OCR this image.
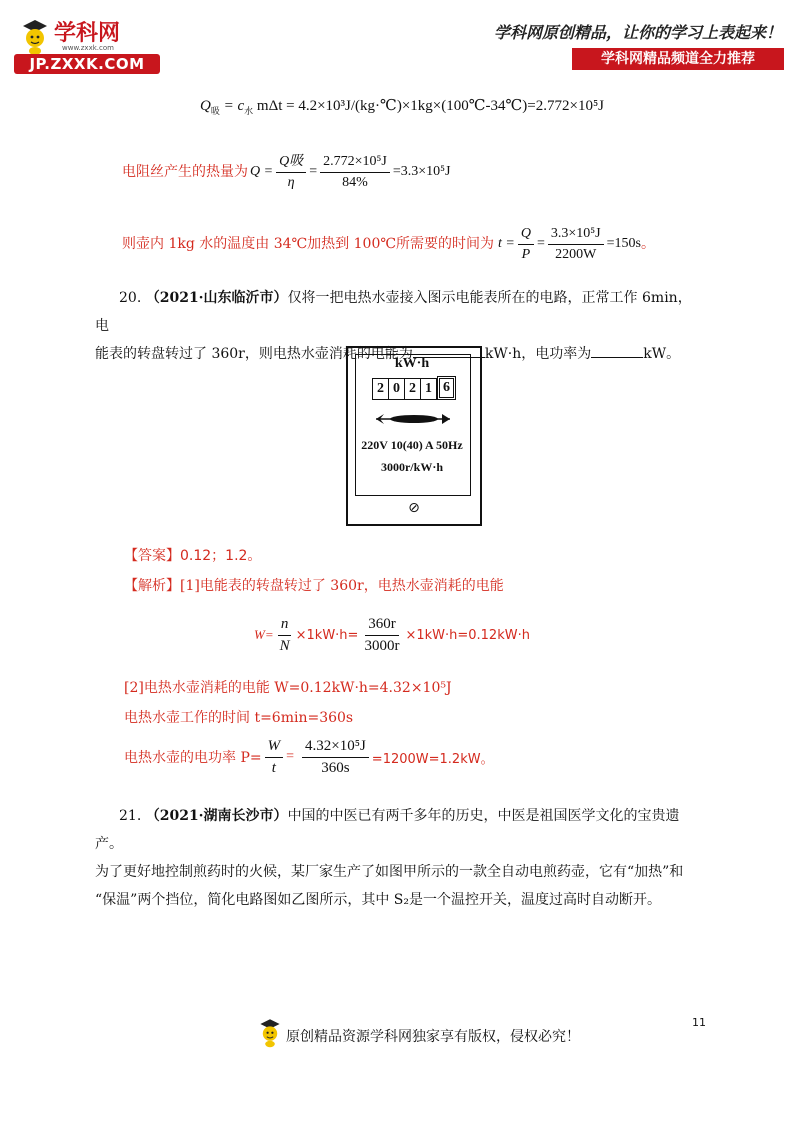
学科网
www.zxxk.com
JP.ZXXK.COM
学科网原创精品，让你的学习上表起来！
学科网精品频道全力推荐
$Q_吸 = c_水$ mΔt = 4.2×10³J/(kg·℃)×1kg×(100℃-34℃)=2.772×10⁵J
电阻丝产生的热量为 $Q = \frac{\text{Q吸}}{\eta} = \frac{\text{2.772×10⁵J}}{84\%} =3.3\times 10^5J$
则壶内 1kg 水的温度由 34℃加热到 100℃所需要的时间为 $t = \frac{Q}{P} = \frac{\text{3.3×10⁵J}}{2200W} =150s$ 。
20. （2021·山东临沂市）仅将一把电热水壶接入图示电能表所在的电路，正常工作 6min，电
能表的转盘转过了 360r，则电热水壶消耗的电能为	kW·h，电功率为	kW。
kW·h
2 0 2 1 6
220V 10(40) A 50Hz
3000r/kW·h
⊘
【答案】0.12；1.2。
【解析】[1]电能表的转盘转过了 360r，电热水壶消耗的电能
$W= \frac{n}{N} \times 1kW\cdot h= \frac{360r}{3000r} \times 1kW\cdot h=0.12kW\cdot h$
[2]电热水壶消耗的电能 W=0.12kW·h=4.32×10⁵J
电热水壶工作的时间 t=6min=360s
电热水壶的电功率 $P= \frac{W}{t} = \frac{\text{4.32×10⁵J}}{360s} =1200W=1.2kW$。
21. （2021·湖南长沙市）中国的中医已有两千多年的历史，中医是祖国医学文化的宝贵遗产。
为了更好地控制煎药时的火候，某厂家生产了如图甲所示的一款全自动电煎药壶，它有“加热”和
“保温”两个挡位，简化电路图如乙图所示，其中 S₂是一个温控开关，温度过高时自动断开。
11
原创精品资源学科网独家享有版权，侵权必究！
